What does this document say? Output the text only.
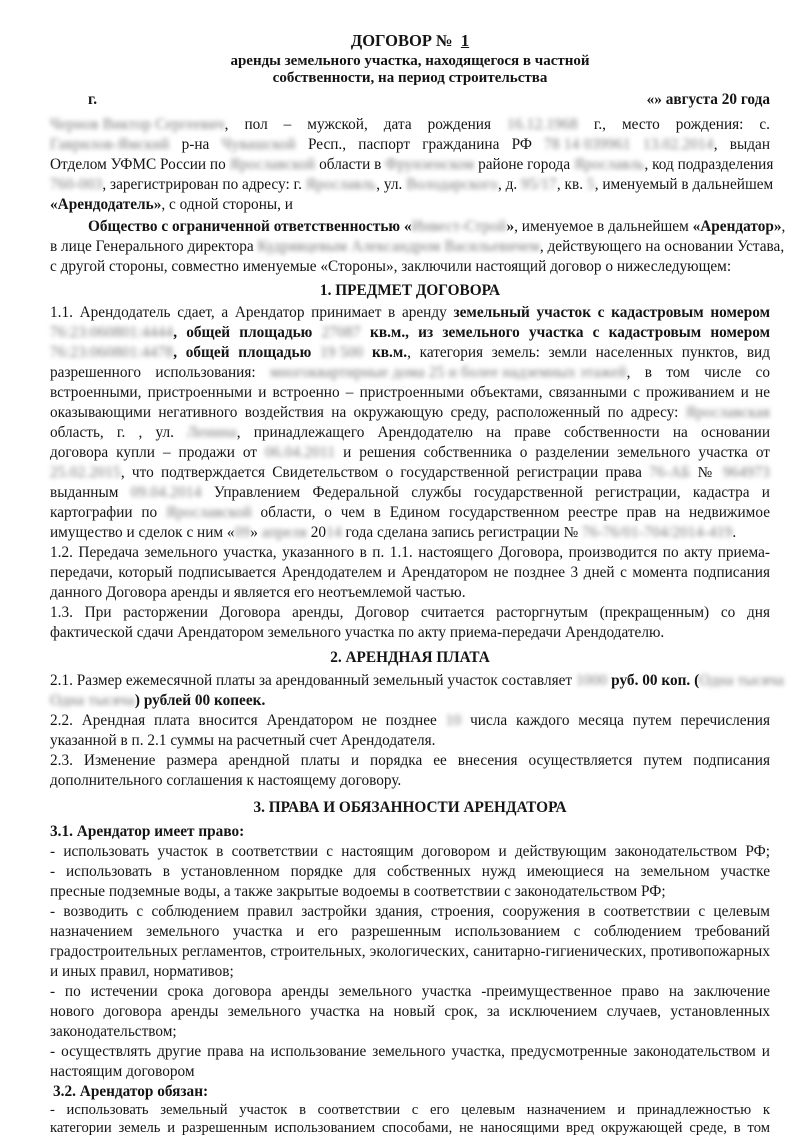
ДОГОВОР № 1
аренды земельного участка, находящегося в частной
собственности, на период строительства
г.	«» августа 20 года
Чернов Виктор Сергеевич, пол – мужской, дата рождения 16.12.1968 г., место рождения: с.
Гаврилов-Ямский р-на Чувашской Респ., паспорт гражданина РФ 78 14 039961 13.02.2014, выдан
Отделом УФМС России по Ярославской области в Фрунзенском районе города Ярославль, код подразделения
760-003, зарегистрирован по адресу: г. Ярославль, ул. Володарского, д. 95/17, кв. 5, именуемый в дальнейшем
«Арендодатель», с одной стороны, и
Общество с ограниченной ответственностью «Инвест-Строй», именуемое в дальнейшем «Арендатор»,
в лице Генерального директора Кудрявцевым Александром Васильевичем, действующего на основании Устава,
с другой стороны, совместно именуемые «Стороны», заключили настоящий договор о нижеследующем:
1. ПРЕДМЕТ ДОГОВОРА
1.1. Арендодатель сдает, а Арендатор принимает в аренду земельный участок с кадастровым номером
76:23:060801:4444, общей площадью 27087 кв.м., из земельного участка с кадастровым номером
76:23:060801:4478, общей площадью 19 500 кв.м., категория земель: земли населенных пунктов, вид
разрешенного использования: многоквартирные дома 25 и более надземных этажей, в том числе со
встроенными, пристроенными и встроенно – пристроенными объектами, связанными с проживанием и не
оказывающими негативного воздействия на окружающую среду, расположенный по адресу: Ярославская
область, г. , ул. Ленина, принадлежащего Арендодателю на праве собственности на основании
договора купли – продажи от 06.04.2011 и решения собственника о разделении земельного участка от
25.02.2015, что подтверждается Свидетельством о государственной регистрации права 76-АБ № 964973
выданным 09.04.2014 Управлением Федеральной службы государственной регистрации, кадастра и
картографии по Ярославской области, о чем в Едином государственном реестре прав на недвижимое
имущество и сделок с ним «09» апреля 2014 года сделана запись регистрации № 76-76/01-704/2014-419.
1.2. Передача земельного участка, указанного в п. 1.1. настоящего Договора, производится по акту приема-
передачи, который подписывается Арендодателем и Арендатором не позднее 3 дней с момента подписания
данного Договора аренды и является его неотъемлемой частью.
1.3. При расторжении Договора аренды, Договор считается расторгнутым (прекращенным) со дня
фактической сдачи Арендатором земельного участка по акту приема-передачи Арендодателю.
2. АРЕНДНАЯ ПЛАТА
2.1. Размер ежемесячной платы за арендованный земельный участок составляет 1000 руб. 00 коп. (Одна тысяча
Одна тысяча) рублей 00 копеек.
2.2. Арендная плата вносится Арендатором не позднее 10 числа каждого месяца путем перечисления
указанной в п. 2.1 суммы на расчетный счет Арендодателя.
2.3. Изменение размера арендной платы и порядка ее внесения осуществляется путем подписания
дополнительного соглашения к настоящему договору.
3. ПРАВА И ОБЯЗАННОСТИ АРЕНДАТОРА
3.1. Арендатор имеет право:
- использовать участок в соответствии с настоящим договором и действующим законодательством РФ;
- использовать в установленном порядке для собственных нужд имеющиеся на земельном участке
пресные подземные воды, а также закрытые водоемы в соответствии с законодательством РФ;
- возводить с соблюдением правил застройки здания, строения, сооружения в соответствии с целевым
назначением земельного участка и его разрешенным использованием с соблюдением требований
градостроительных регламентов, строительных, экологических, санитарно-гигиенических, противопожарных
и иных правил, нормативов;
- по истечении срока договора аренды земельного участка -преимущественное право на заключение
нового договора аренды земельного участка на новый срок, за исключением случаев, установленных
законодательством;
- осуществлять другие права на использование земельного участка, предусмотренные законодательством и
настоящим договором
3.2. Арендатор обязан:
- использовать земельный участок в соответствии с его целевым назначением и принадлежностью к
категории земель и разрешенным использованием способами, не наносящими вред окружающей среде, в том
